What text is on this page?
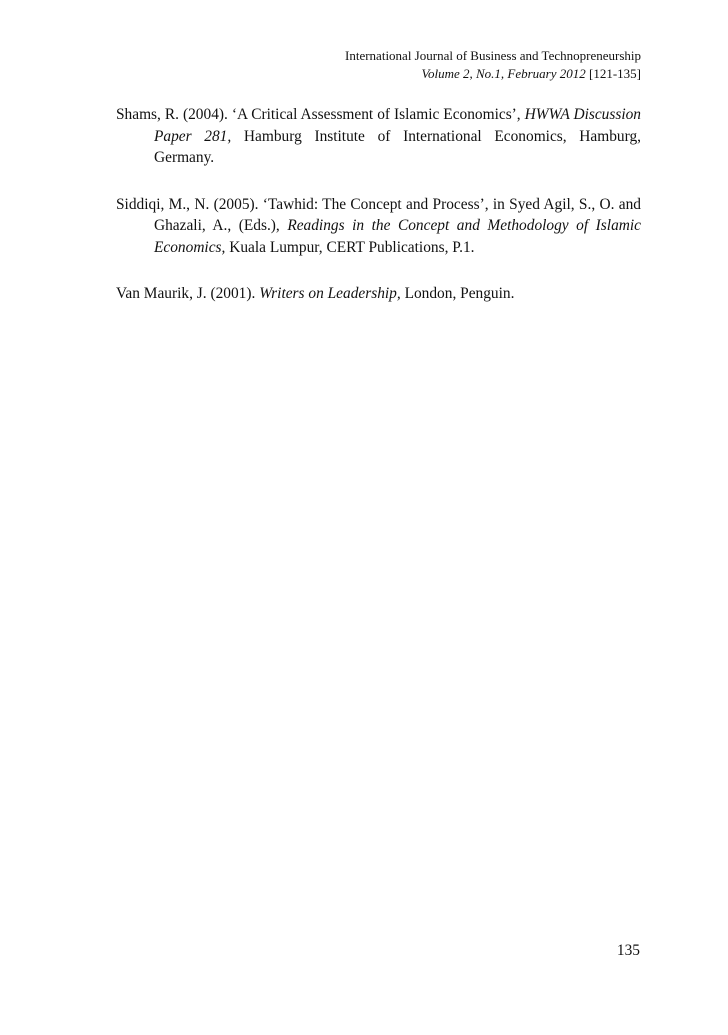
International Journal of Business and Technopreneurship
Volume 2, No.1, February 2012 [121-135]

Shams, R. (2004). ‘A Critical Assessment of Islamic Economics’, HWWA Discussion Paper 281, Hamburg Institute of International Economics, Hamburg, Germany.

Siddiqi, M., N. (2005). ‘Tawhid: The Concept and Process’, in Syed Agil, S., O. and Ghazali, A., (Eds.), Readings in the Concept and Methodology of Islamic Economics, Kuala Lumpur, CERT Publications, P.1.

Van Maurik, J. (2001). Writers on Leadership, London, Penguin.

135
